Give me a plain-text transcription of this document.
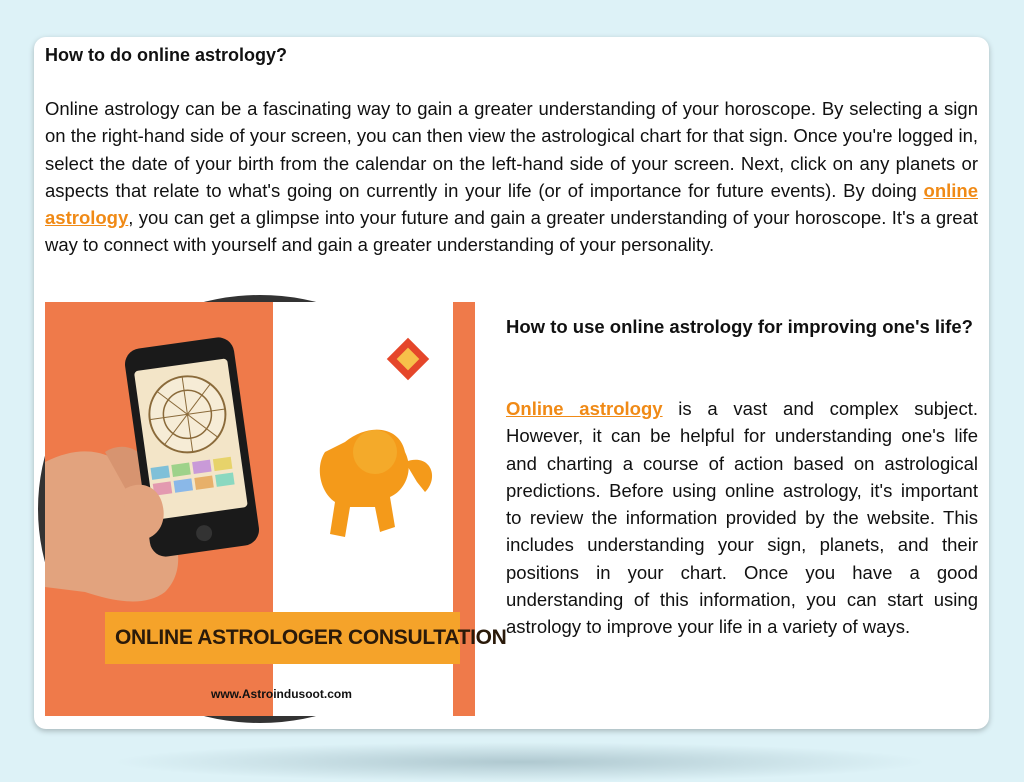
How to do online astrology?

Online astrology can be a fascinating way to gain a greater understanding of your horoscope. By selecting a sign on the right-hand side of your screen, you can then view the astrological chart for that sign. Once you're logged in, select the date of your birth from the calendar on the left-hand side of your screen. Next, click on any planets or aspects that relate to what's going on currently in your life (or of importance for future events). By doing online astrology, you can get a glimpse into your future and gain a greater understanding of your horoscope. It's a great way to connect with yourself and gain a greater understanding of your personality.

ONLINE ASTROLOGER CONSULTATION
www.Astroindusoot.com

How to use online astrology for improving one's life?

Online astrology is a vast and complex subject. However, it can be helpful for understanding one's life and charting a course of action based on astrological predictions. Before using online astrology, it's important to review the information provided by the website. This includes understanding your sign, planets, and their positions in your chart. Once you have a good understanding of this information, you can start using astrology to improve your life in a variety of ways.
